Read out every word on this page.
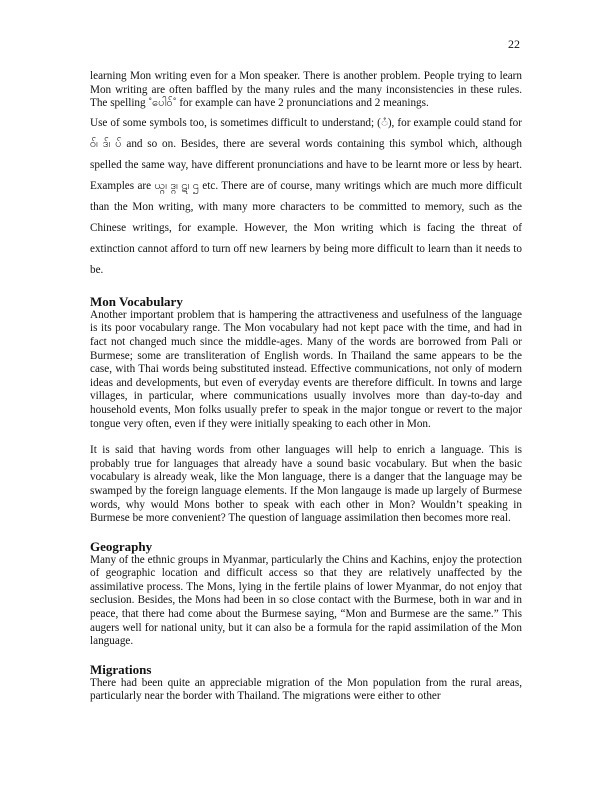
22

learning Mon writing even for a Mon speaker. There is another problem. People trying to learn Mon writing are often baffled by the many rules and the many inconsistencies in these rules. The spelling ˚ပေါဝ်˚ for example can have 2 pronunciations and 2 meanings.

Use of some symbols too, is sometimes difficult to understand; (ံ), for example could stand for ဝ်၊ ဒ်၊ ပ် and so on. Besides, there are several words containing this symbol which, although spelled the same way, have different pronunciations and have to be learnt more or less by heart. Examples are ယ္ဂ၊ ဒ္ဂ၊ ဋ၊ ဌ etc. There are of course, many writings which are much more difficult than the Mon writing, with many more characters to be committed to memory, such as the Chinese writings, for example. However, the Mon writing which is facing the threat of extinction cannot afford to turn off new learners by being more difficult to learn than it needs to be.

Mon Vocabulary

Another important problem that is hampering the attractiveness and usefulness of the language is its poor vocabulary range. The Mon vocabulary had not kept pace with the time, and had in fact not changed much since the middle-ages. Many of the words are borrowed from Pali or Burmese; some are transliteration of English words. In Thailand the same appears to be the case, with Thai words being substituted instead. Effective communications, not only of modern ideas and developments, but even of everyday events are therefore difficult. In towns and large villages, in particular, where communications usually involves more than day-to-day and household events, Mon folks usually prefer to speak in the major tongue or revert to the major tongue very often, even if they were initially speaking to each other in Mon.

It is said that having words from other languages will help to enrich a language. This is probably true for languages that already have a sound basic vocabulary. But when the basic vocabulary is already weak, like the Mon language, there is a danger that the language may be swamped by the foreign language elements. If the Mon langauge is made up largely of Burmese words, why would Mons bother to speak with each other in Mon? Wouldn’t speaking in Burmese be more convenient? The question of language assimilation then becomes more real.

Geography

Many of the ethnic groups in Myanmar, particularly the Chins and Kachins, enjoy the protection of geographic location and difficult access so that they are relatively unaffected by the assimilative process. The Mons, lying in the fertile plains of lower Myanmar, do not enjoy that seclusion. Besides, the Mons had been in so close contact with the Burmese, both in war and in peace, that there had come about the Burmese saying, “Mon and Burmese are the same.” This augers well for national unity, but it can also be a formula for the rapid assimilation of the Mon language.

Migrations

There had been quite an appreciable migration of the Mon population from the rural areas, particularly near the border with Thailand. The migrations were either to other
